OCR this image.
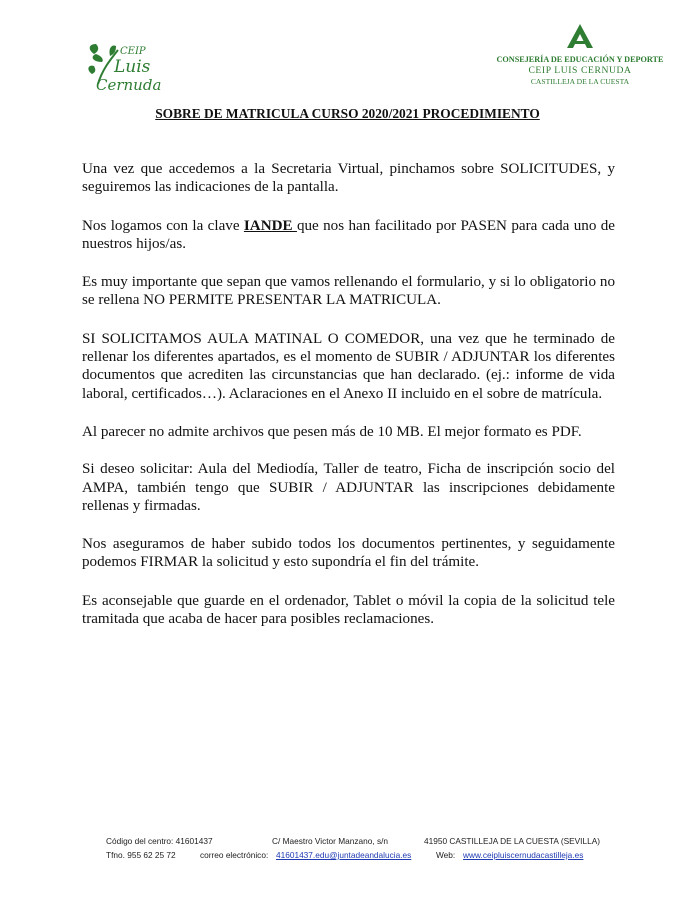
CEIP
Luis
Cernuda
CONSEJERÍA DE EDUCACIÓN Y DEPORTE
CEIP LUIS CERNUDA
CASTILLEJA DE LA CUESTA
SOBRE DE MATRICULA CURSO 2020/2021 PROCEDIMIENTO

Una vez que accedemos a la Secretaria Virtual, pinchamos sobre SOLICITUDES, y seguiremos las indicaciones de la pantalla.

Nos logamos con la clave IANDE que nos han facilitado por PASEN para cada uno de nuestros hijos/as.

Es muy importante que sepan que vamos rellenando el formulario, y si lo obligatorio no se rellena NO PERMITE PRESENTAR LA MATRICULA.

SI SOLICITAMOS AULA MATINAL O COMEDOR, una vez que he terminado de rellenar los diferentes apartados, es el momento de SUBIR / ADJUNTAR los diferentes documentos que acrediten las circunstancias que han declarado. (ej.: informe de vida laboral, certificados…). Aclaraciones en el Anexo II incluido en el sobre de matrícula.

Al parecer no admite archivos que pesen más de 10 MB. El mejor formato es PDF.

Si deseo solicitar: Aula del Mediodía, Taller de teatro, Ficha de inscripción socio del AMPA, también tengo que SUBIR / ADJUNTAR las inscripciones debidamente rellenas y firmadas.

Nos aseguramos de haber subido todos los documentos pertinentes, y seguidamente podemos FIRMAR la solicitud y esto supondría el fin del trámite.

Es aconsejable que guarde en el ordenador, Tablet o móvil la copia de la solicitud tele tramitada que acaba de hacer para posibles reclamaciones.

Código del centro: 41601437	C/ Maestro Victor Manzano, s/n	41950 CASTILLEJA DE LA CUESTA (SEVILLA)
Tfno. 955 62 25 72	correo electrónico: 41601437.edu@juntadeandalucia.es	Web: www.ceipluiscernudacastilleja.es
